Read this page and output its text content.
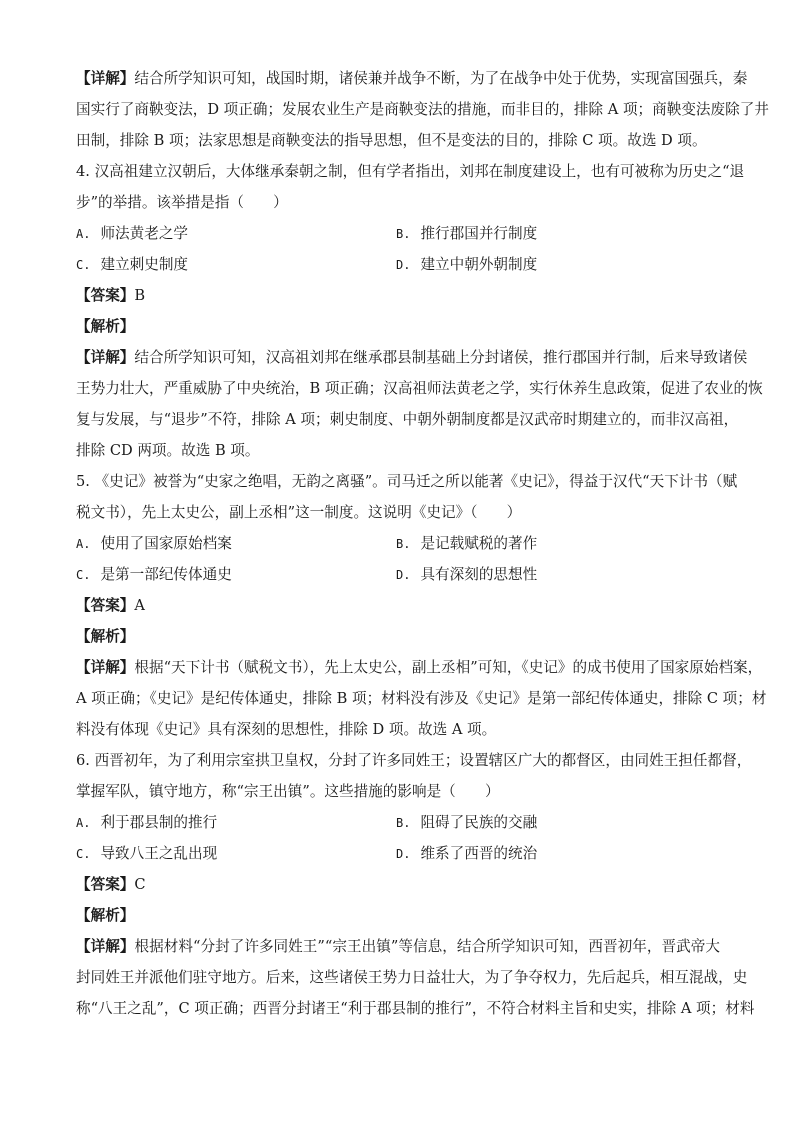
【详解】结合所学知识可知，战国时期，诸侯兼并战争不断，为了在战争中处于优势，实现富国强兵，秦
国实行了商鞅变法，D 项正确；发展农业生产是商鞅变法的措施，而非目的，排除 A 项；商鞅变法废除了井
田制，排除 B 项；法家思想是商鞅变法的指导思想，但不是变法的目的，排除 C 项。故选 D 项。
4. 汉高祖建立汉朝后，大体继承秦朝之制，但有学者指出，刘邦在制度建设上，也有可被称为历史之“退
步”的举措。该举措是指（　　）
A. 师法黄老之学	B. 推行郡国并行制度
C. 建立刺史制度	D. 建立中朝外朝制度
【答案】B
【解析】
【详解】结合所学知识可知，汉高祖刘邦在继承郡县制基础上分封诸侯，推行郡国并行制，后来导致诸侯
王势力壮大，严重威胁了中央统治，B 项正确；汉高祖师法黄老之学，实行休养生息政策，促进了农业的恢
复与发展，与“退步”不符，排除 A 项；刺史制度、中朝外朝制度都是汉武帝时期建立的，而非汉高祖，
排除 CD 两项。故选 B 项。
5. 《史记》被誉为“史家之绝唱，无韵之离骚”。司马迁之所以能著《史记》，得益于汉代“天下计书（赋
税文书），先上太史公，副上丞相”这一制度。这说明《史记》（　　）
A. 使用了国家原始档案	B. 是记载赋税的著作
C. 是第一部纪传体通史	D. 具有深刻的思想性
【答案】A
【解析】
【详解】根据“天下计书（赋税文书），先上太史公，副上丞相”可知，《史记》的成书使用了国家原始档案，
A 项正确；《史记》是纪传体通史，排除 B 项；材料没有涉及《史记》是第一部纪传体通史，排除 C 项；材
料没有体现《史记》具有深刻的思想性，排除 D 项。故选 A 项。
6. 西晋初年，为了利用宗室拱卫皇权，分封了许多同姓王；设置辖区广大的都督区，由同姓王担任都督，
掌握军队，镇守地方，称“宗王出镇”。这些措施的影响是（　　）
A. 利于郡县制的推行	B. 阻碍了民族的交融
C. 导致八王之乱出现	D. 维系了西晋的统治
【答案】C
【解析】
【详解】根据材料“分封了许多同姓王”“宗王出镇”等信息，结合所学知识可知，西晋初年，晋武帝大
封同姓王并派他们驻守地方。后来，这些诸侯王势力日益壮大，为了争夺权力，先后起兵，相互混战，史
称“八王之乱”，C 项正确；西晋分封诸王“利于郡县制的推行”，不符合材料主旨和史实，排除 A 项；材料
